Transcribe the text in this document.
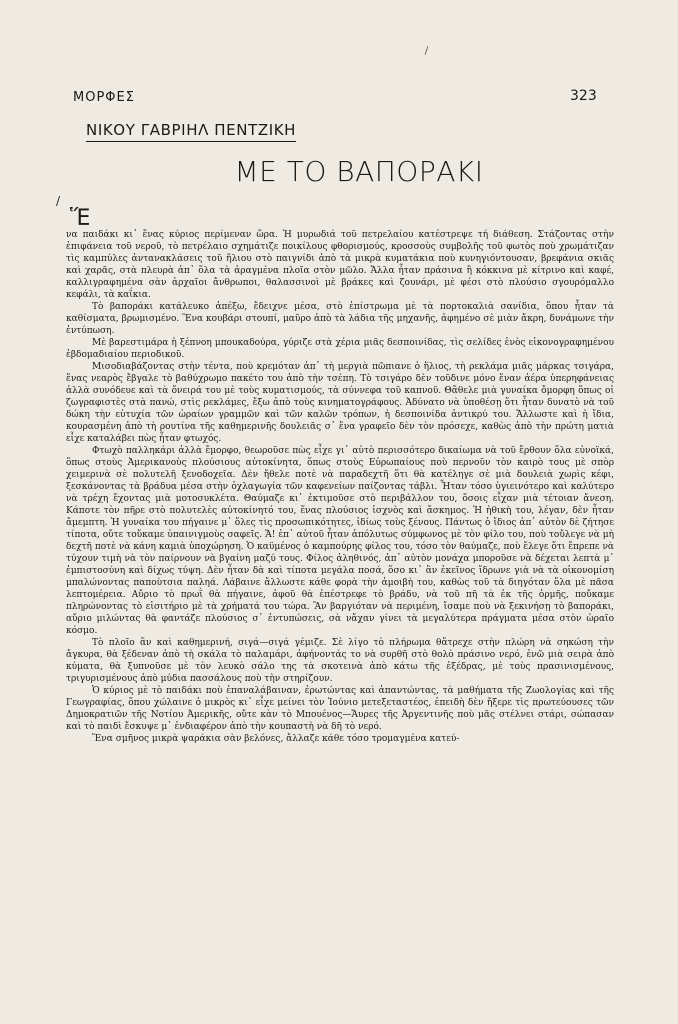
ΜΟΡΦΕΣ	323
ΝΙΚΟΥ ΓΑΒΡΙΗΛ ΠΕΝΤΖΙΚΗ
ΜΕ ΤΟ ΒΑΠΟΡΑΚΙ
/
Ἕ

να παιδάκι κι᾽ ἕνας κύριος περίμεναν ὥρα. Ἡ μυρωδιά τοῦ πετρελαίου κατέστρεψε τή διάθεση. Στάζοντας στὴν ἐπιφάνεια τοῦ νεροῦ, τὸ πετρέλαιο σχημάτιζε ποικίλους φθορισμούς, κροσσοὺς συμβολῆς τοῦ φωτὸς ποὺ χρωμάτιζαν τὶς καμπύλες ἀντανακλάσεις τοῦ ἥλιου στὸ παιγνίδι ἀπὸ τὰ μικρὰ κυματάκια ποὺ κυνηγιόντουσαν, βρεφάνια σκιᾶς καὶ χαρᾶς, στὰ πλευρὰ ἀπ᾽ ὅλα τὰ ἀραγμένα πλοῖα στὸν μῶλο. Ἄλλα ἦταν πράσινα ἢ κόκκινα μὲ κίτρινο καὶ καφέ, καλλιγραφημένα σὰν ἀρχαῖοι ἄνθρωποι, θαλασσινοὶ μὲ βράκες καὶ ζουνάρι, μὲ φέσι στὸ πλούσιο σγουρόμαλλο κεφάλι, τὰ καΐκια.

Τὸ βαποράκι κατάλευκο ἀπέξω, ἔδειχνε μέσα, στὸ ἐπίστρωμα μὲ τὰ πορτοκαλιὰ σανίδια, ὅπου ἦταν τὰ καθίσματα, βρωμισμένο. Ἕνα κουβάρι στουπί, μαῦρο ἀπὸ τὰ λάδια τῆς μηχανῆς, ἀφημένο σὲ μιὰν ἄκρη, δυνάμωνε τὴν ἐντύπωση.

Μὲ βαρεστιμάρα ἡ ξέπνοη μπουκαδούρα, γύριζε στὰ χέρια μιᾶς δεσποινίδας, τὶς σελίδες ἑνὸς εἰκονογραφημένου ἑβδομαδιαίου περιοδικοῦ.

Μισοδιαβάζοντας στὴν τέντα, ποὺ κρεμόταν ἀπ᾽ τὴ μεργιὰ πῶπιανε ὁ ἥλιος, τὴ ρεκλάμα μιᾶς μάρκας τσιγάρα, ἕνας νεαρὸς ἔβγαλε τὸ βαθύχρωμο πακέτο του ἀπὸ τὴν τσέπη. Τὸ τσιγάρο δὲν τοῦδινε μόνο ἕναν ἀέρα ὑπερηφάνειας ἀλλὰ συνόδευε καὶ τὰ ὄνειρά του μὲ τοὺς κυματισμούς, τὰ σύννεφα τοῦ καπνοῦ. Θἄθελε μιὰ γυναίκα ὄμορφη ὅπως οἱ ζωγραφιστὲς στὰ πανώ, στὶς ρεκλάμες, ἔξω ἀπὸ τοὺς κινηματογράφους. Ἀδύνατο νὰ ὑποθέσῃ ὅτι ἦταν δυνατὸ νὰ τοῦ δώκη τὴν εὐτυχία τῶν ὡραίων γραμμῶν καὶ τῶν καλῶν τρόπων, ἡ δεσποινίδα ἀντικρύ του. Ἄλλωστε καὶ ἡ ἴδια, κουρασμένη ἀπὸ τὴ ρουτίνα τῆς καθημερινῆς δουλειᾶς σ᾽ ἕνα γραφεῖο δὲν τὸν πρόσεχε, καθὼς ἀπὸ τὴν πρώτη ματιὰ εἶχε καταλάβει πὼς ἦταν φτωχός.

Φτωχὸ παλληκάρι ἀλλὰ ἔμορφο, θεωροῦσε πὼς εἶχε γι᾽ αὐτὸ περισσότερο δικαίωμα νὰ τοῦ ἔρθουν ὅλα εὐνοϊκά, ὅπως στοὺς Ἀμερικανοὺς πλούσιους αὐτοκίνητα, ὅπως στοὺς Εὐρωπαίους ποὺ περνοῦν τὸν καιρὸ τους μὲ σπὸρ χειμερινὰ σὲ πολυτελῆ ξενοδοχεῖα. Δὲν ἤθελε ποτὲ νὰ παραδεχτῆ ὅτι θὰ κατέληγε σὲ μιὰ δουλειὰ χωρὶς κέφι, ξεσκάνοντας τὰ βράδυα μέσα στὴν ὀχλαγωγία τῶν καφενείων παίζοντας τάβλι. Ἦταν τόσο ὑγιεινότερο καὶ καλύτερο νὰ τρέχη ἔχοντας μιὰ μοτοσυκλέτα. Θαύμαζε κι᾽ ἐκτιμοῦσε στὸ περιβάλλον του, ὅσοις εἶχαν μιὰ τέτοιαν ἄνεση. Κάποτε τὸν πῆρε στὸ πολυτελὲς αὐτοκίνητό του, ἕνας πλούσιος ἰσχνὸς καὶ ἄσκημος. Ἡ ἠθικὴ του, λέγαν, δὲν ἦταν ἄμεμπτη. Ἡ γυναίκα του πήγαινε μ᾽ ὅλες τὶς προσωπικότητες, ἰδίως τοὺς ξένους. Πάντως ὁ ἴδιος ἀπ᾽ αὐτὸν δὲ ζήτησε τίποτα, οὔτε τοὔκαμε ὑπαινιγμοὺς σαφεῖς. Ἄ! ἐπ᾽ αὐτοῦ ἦταν ἀπόλυτως σύμφωνος μὲ τὸν φίλο του, ποὺ τοὔλεγε νὰ μὴ δεχτῆ ποτὲ νὰ κάνη καμιὰ ὑποχώρηση. Ὁ καϋμένος ὁ καμπούρης φίλος του, τόσο τὸν θαύμαζε, ποὺ ἔλεγε ὅτι ἔπρεπε νὰ τύχουν τιμὴ νὰ τὸν παίρνουν νὰ βγαίνη μαζύ τους. Φίλος ἀληθινός, ἀπ᾽ αὐτὸν μονάχα μποροῦσε νὰ δέχεται λεπτὰ μ᾽ ἐμπιστοσύνη καὶ δίχως τύψη. Δὲν ἦταν δὰ καὶ τίποτα μεγάλα ποσά, ὅσο κι᾽ ἂν ἐκεῖνος ἴδρωνε γιὰ νὰ τὰ οἰκονομίση μπαλώνοντας παποὺτσια παληά. Λάβαινε ἄλλωστε κάθε φορὰ τὴν ἀμοιβὴ του, καθὼς τοῦ τὰ διηγόταν ὅλα μὲ πᾶσα λεπτομέρεια. Αὔριο τὸ πρωῒ θὰ πήγαινε, ἀφοῦ θὰ ἐπέστρεφε τὸ βράδυ, νὰ τοῦ πῆ τὰ ἐκ τῆς ὀρμῆς, ποὔκαμε πληρώνοντας τὸ εἰσιτήριο μὲ τὰ χρήματά του τώρα. Ἂν βαργιόταν νὰ περιμένη, ἴσαμε ποὺ νὰ ξεκινήσῃ τὸ βαποράκι, αὔριο μιλώντας θὰ φαντάζε πλούσιος σ᾽ ἐντυπώσεις, σὰ νἄχαν γίνει τὰ μεγαλύτερα πράγματα μέσα στὸν ὡραῖο κόσμο.

Τὸ πλοῖο ἂν καὶ καθημερινή, σιγά—σιγά γέμιζε. Σὲ λίγο τὸ πλήρωμα θἄτρεχε στὴν πλώρη νὰ σηκώση τὴν ἄγκυρα, θὰ ξέδεναν ἀπὸ τὴ σκάλα τὸ παλαμάρι, ἀφήνοντάς το νὰ συρθῆ στὸ θολὸ πράσινο νερό, ἐνῶ μιὰ σειρὰ ἀπὸ κύματα, θὰ ξυπνοῦσε μὲ τὸν λευκὸ σάλο της τὰ σκοτεινὰ ἀπὸ κάτω τῆς ἐξέδρας, μὲ τοὺς πρασινισμένους, τριγυρισμένους ἀπὸ μύδια πασσάλους ποὺ τὴν στηρίζουν.

Ὁ κύριος μὲ τὸ παιδάκι ποὺ ἐπαναλάβαιναν, ἐρωτώντας καὶ ἀπαντώντας, τὰ μαθήματα τῆς Ζωολογίας καὶ τῆς Γεωγραφίας, ὅπου χώλαινε ὁ μικρὸς κι᾽ εἶχε μείνει τὸν Ἰούνιο μετεξεταστέος, ἐπειδὴ δὲν ἤξερε τὶς πρωτεύουσες τῶν Δημοκρατιῶν τῆς Νοτίου Ἀμερικῆς, οὔτε κὰν τὸ Μπουένος—Ἄυρες τῆς Ἀργεντινῆς ποὺ μᾶς στέλνει στάρι, σώπασαν καὶ τὸ παιδὶ ἔσκυψε μ᾽ ἐνδιαφέρον ἀπὸ τὴν κουπαστὴ νὰ δῆ τὸ νερό.

Ἕνα σμῆνος μικρὰ ψαράκια σὰν βελόνες, ἄλλαζε κάθε τόσο τρομαγμένα κατεύ-
